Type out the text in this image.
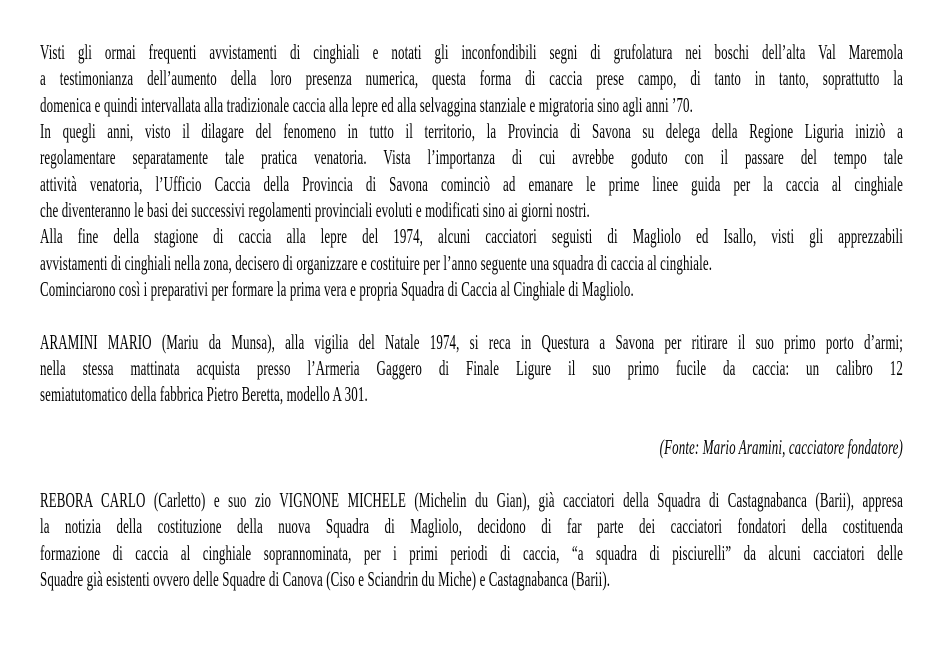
Visti gli ormai frequenti avvistamenti di cinghiali e notati gli inconfondibili segni di grufolatura nei boschi dell’alta Val Maremola
a testimonianza dell’aumento della loro presenza numerica, questa forma di caccia prese campo, di tanto in tanto, soprattutto la
domenica e quindi intervallata alla tradizionale caccia alla lepre ed alla selvaggina stanziale e migratoria sino agli anni ’70.
In quegli anni, visto il dilagare del fenomeno in tutto il territorio, la Provincia di Savona su delega della Regione Liguria iniziò a
regolamentare separatamente tale pratica venatoria. Vista l’importanza di cui avrebbe goduto con il passare del tempo tale
attività venatoria, l’Ufficio Caccia della Provincia di Savona cominciò ad emanare le prime linee guida per la caccia al cinghiale
che diventeranno le basi dei successivi regolamenti provinciali evoluti e modificati sino ai giorni nostri.
Alla fine della stagione di caccia alla lepre del 1974, alcuni cacciatori seguisti di Magliolo ed Isallo, visti gli apprezzabili
avvistamenti di cinghiali nella zona, decisero di organizzare e costituire per l’anno seguente una squadra di caccia al cinghiale.
Cominciarono così i preparativi per formare la prima vera e propria Squadra di Caccia al Cinghiale di Magliolo.
ARAMINI MARIO (Mariu da Munsa), alla vigilia del Natale 1974, si reca in Questura a Savona per ritirare il suo primo porto d’armi;
nella stessa mattinata acquista presso l’Armeria Gaggero di Finale Ligure il suo primo fucile da caccia: un calibro 12
semiatutomatico della fabbrica Pietro Beretta, modello A 301.
(Fonte: Mario Aramini, cacciatore fondatore)
REBORA CARLO (Carletto) e suo zio VIGNONE MICHELE (Michelin du Gian), già cacciatori della Squadra di Castagnabanca (Barii), appresa
la notizia della costituzione della nuova Squadra di Magliolo, decidono di far parte dei cacciatori fondatori della costituenda
formazione di caccia al cinghiale soprannominata, per i primi periodi di caccia, “a squadra di pisciurelli” da alcuni cacciatori delle
Squadre già esistenti ovvero delle Squadre di Canova (Ciso e Sciandrin du Miche) e Castagnabanca (Barii).
